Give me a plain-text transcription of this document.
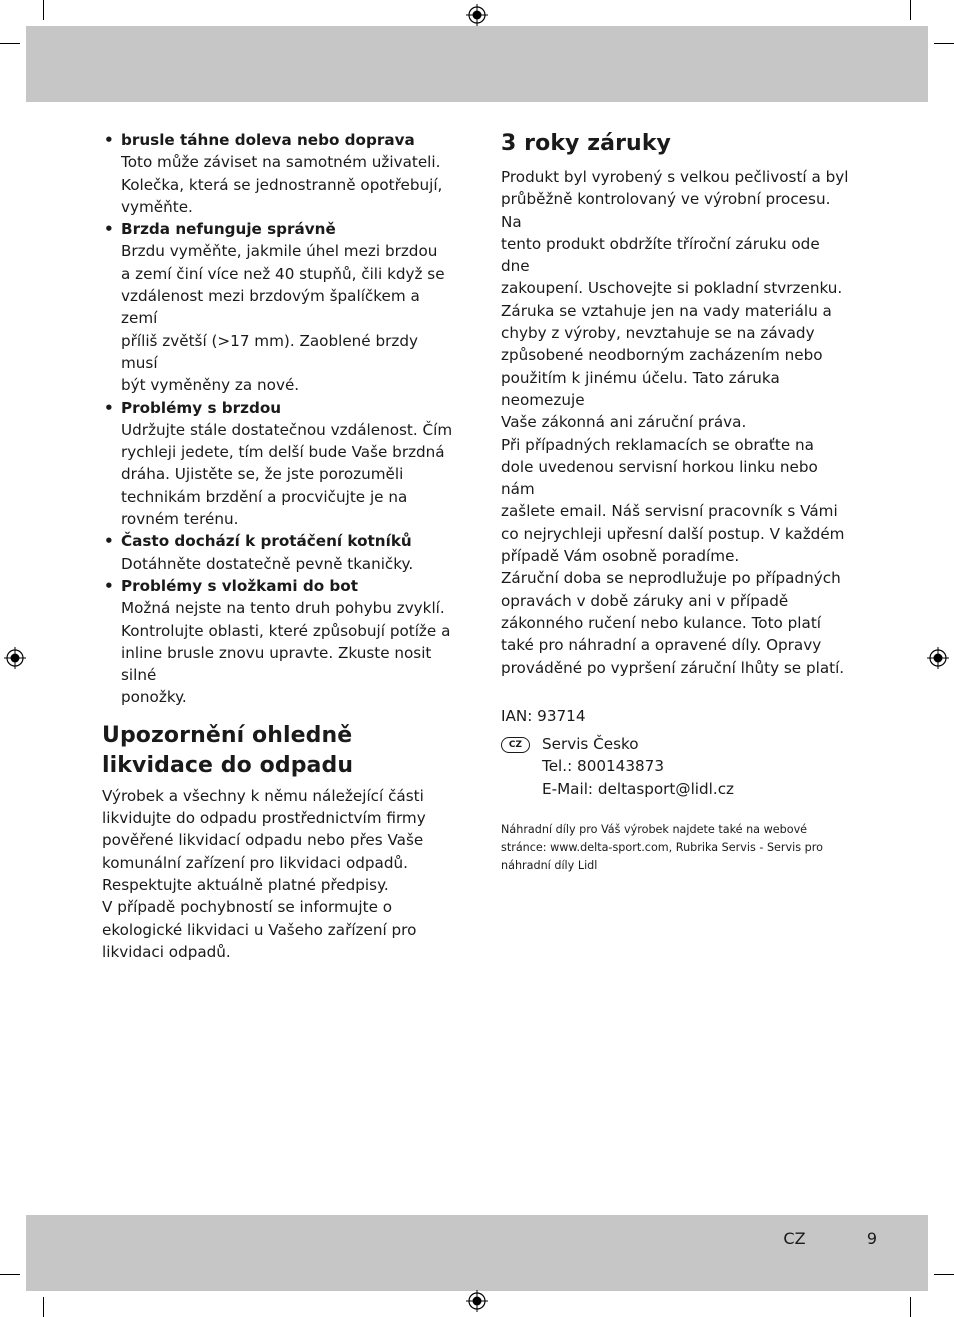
CZ	9
• brusle táhne doleva nebo doprava
Toto může záviset na samotném uživateli.
Kolečka, která se jednostranně opotřebují,
vyměňte.
• Brzda nefunguje správně
Brzdu vyměňte, jakmile úhel mezi brzdou
a zemí činí více než 40 stupňů, čili když se
vzdálenost mezi brzdovým špalíčkem a zemí
příliš zvětší (>17 mm). Zaoblené brzdy musí
být vyměněny za nové.
• Problémy s brzdou
Udržujte stále dostatečnou vzdálenost. Čím
rychleji jedete, tím delší bude Vaše brzdná
dráha. Ujistěte se, že jste porozuměli
technikám brzdění a procvičujte je na
rovném terénu.
• Často dochází k protáčení kotníků
Dotáhněte dostatečně pevně tkaničky.
• Problémy s vložkami do bot
Možná nejste na tento druh pohybu zvyklí.
Kontrolujte oblasti, které způsobují potíže a
inline brusle znovu upravte. Zkuste nosit silné
ponožky.
Upozornění ohledně
likvidace do odpadu

Výrobek a všechny k němu náležející části

likvidujte do odpadu prostřednictvím firmy

pověřené likvidací odpadu nebo přes Vaše

komunální zařízení pro likvidaci odpadů.

Respektujte aktuálně platné předpisy.

V případě pochybností se informujte o

ekologické likvidaci u Vašeho zařízení pro

likvidaci odpadů.

3 roky záruky

Produkt byl vyrobený s velkou pečlivostí a byl

průběžně kontrolovaný ve výrobní procesu. Na

tento produkt obdržíte tříroční záruku ode dne

zakoupení. Uschovejte si pokladní stvrzenku.

Záruka se vztahuje jen na vady materiálu a

chyby z výroby, nevztahuje se na závady

způsobené neodborným zacházením nebo

použitím k jinému účelu. Tato záruka neomezuje

Vaše zákonná ani záruční práva.

Při případných reklamacích se obraťte na

dole uvedenou servisní horkou linku nebo nám

zašlete email. Náš servisní pracovník s Vámi

co nejrychleji upřesní další postup. V každém

případě Vám osobně poradíme.

Záruční doba se neprodlužuje po případných

opravách v době záruky ani v případě

zákonného ručení nebo kulance. Toto platí

také pro náhradní a opravené díly. Opravy

prováděné po vypršení záruční lhůty se platí.

IAN: 93714

CZ	Servis Česko

Tel.: 800143873

E-Mail: deltasport@lidl.cz

Náhradní díly pro Váš výrobek najdete také na webové

stránce: www.delta-sport.com, Rubrika Servis - Servis pro

náhradní díly Lidl
